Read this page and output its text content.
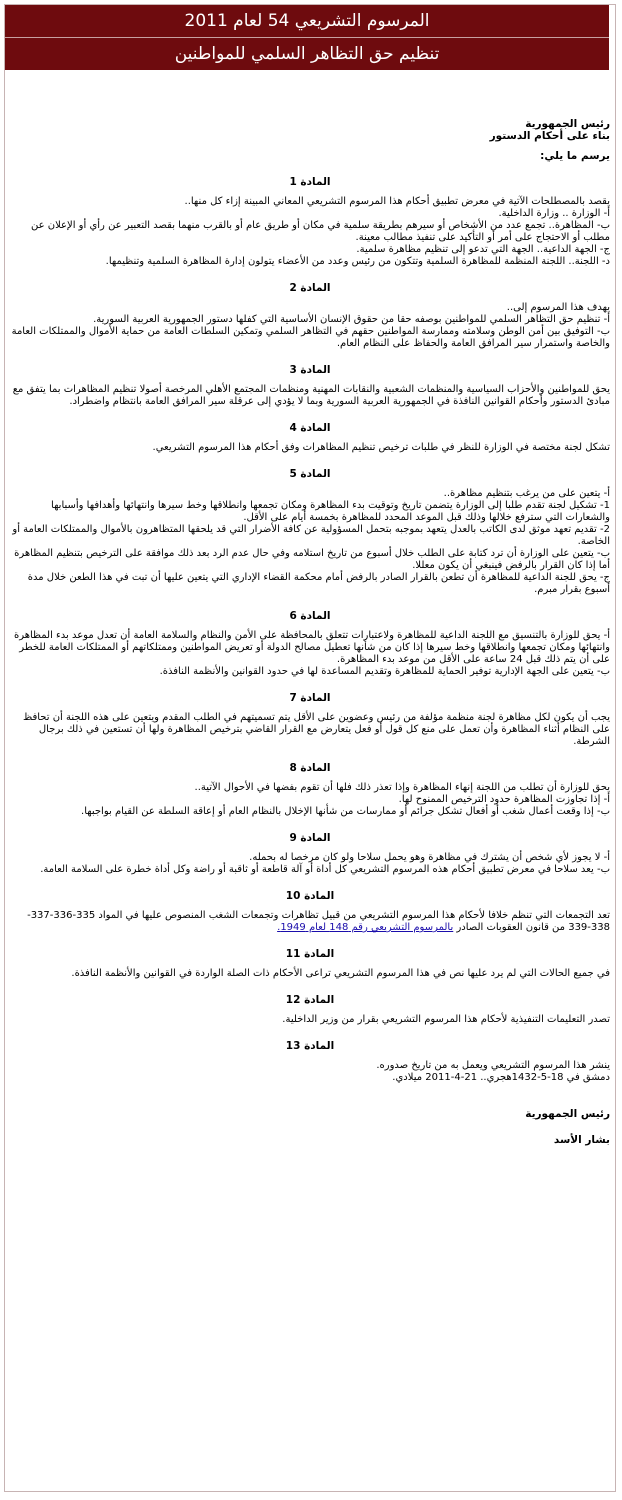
المرسوم التشريعي 54 لعام 2011
تنظيم حق التظاهر السلمي للمواطنين

رئيس الجمهورية

بناء على أحكام الدستور

يرسم ما يلي:

المادة 1

يقصد بالمصطلحات الآتية في معرض تطبيق أحكام هذا المرسوم التشريعي المعاني المبينة إزاء كل منها..

أ- الوزارة .. وزارة الداخلية.

ب- المظاهرة.. تجمع عدد من الأشخاص أو سيرهم بطريقة سلمية في مكان أو طريق عام أو بالقرب منهما بقصد التعبير عن رأي أو الإعلان عن مطلب أو الاحتجاج على أمر أو التأكيد على تنفيذ مطالب معينة.

ج- الجهة الداعية.. الجهة التي تدعو إلى تنظيم مظاهرة سلمية.

د- اللجنة.. اللجنة المنظمة للمظاهرة السلمية وتتكون من رئيس وعدد من الأعضاء يتولون إدارة المظاهرة السلمية وتنظيمها.

المادة 2

يهدف هذا المرسوم إلى..

أ- تنظيم حق التظاهر السلمي للمواطنين بوصفه حقا من حقوق الإنسان الأساسية التي كفلها دستور الجمهورية العربية السورية.

ب- التوفيق بين أمن الوطن وسلامته وممارسة المواطنين حقهم في التظاهر السلمي وتمكين السلطات العامة من حماية الأموال والممتلكات العامة والخاصة واستمرار سير المرافق العامة والحفاظ على النظام العام.

المادة 3

يحق للمواطنين والأحزاب السياسية والمنظمات الشعبية والنقابات المهنية ومنظمات المجتمع الأهلي المرخصة أصولا تنظيم المظاهرات بما يتفق مع مبادئ الدستور وأحكام القوانين النافذة في الجمهورية العربية السورية وبما لا يؤدي إلى عرقلة سير المرافق العامة بانتظام واضطراد.

المادة 4

تشكل لجنة مختصة في الوزارة للنظر في طلبات ترخيص تنظيم المظاهرات وفق أحكام هذا المرسوم التشريعي.

المادة 5

أ- يتعين على من يرغب بتنظيم مظاهرة..

1- تشكيل لجنة تقدم طلبا إلى الوزارة يتضمن تاريخ وتوقيت بدء المظاهرة ومكان تجمعها وانطلاقها وخط سيرها وانتهائها وأهدافها وأسبابها والشعارات التي سترفع خلالها وذلك قبل الموعد المحدد للمظاهرة بخمسة أيام على الأقل.

2- تقديم تعهد موثق لدى الكاتب بالعدل يتعهد بموجبه بتحمل المسؤولية عن كافة الأضرار التي قد يلحقها المتظاهرون بالأموال والممتلكات العامة أو الخاصة.

ب- يتعين على الوزارة أن ترد كتابة على الطلب خلال أسبوع من تاريخ استلامه وفي حال عدم الرد بعد ذلك موافقة على الترخيص بتنظيم المظاهرة أما إذا كان القرار بالرفض فينبغي أن يكون معللا.

ج- يحق للجنة الداعية للمظاهرة أن تطعن بالقرار الصادر بالرفض أمام محكمة القضاء الإداري التي يتعين عليها أن تبت في هذا الطعن خلال مدة أسبوع بقرار مبرم.

المادة 6

أ- يحق للوزارة بالتنسيق مع اللجنة الداعية للمظاهرة ولاعتبارات تتعلق بالمحافظة على الأمن والنظام والسلامة العامة أن تعدل موعد بدء المظاهرة وانتهائها ومكان تجمعها وانطلاقها وخط سيرها إذا كان من شأنها تعطيل مصالح الدولة أو تعريض المواطنين وممتلكاتهم أو الممتلكات العامة للخطر على أن يتم ذلك قبل 24 ساعة على الأقل من موعد بدء المظاهرة.

ب- يتعين على الجهة الإدارية توفير الحماية للمظاهرة وتقديم المساعدة لها في حدود القوانين والأنظمة النافذة.

المادة 7

يجب أن يكون لكل مظاهرة لجنة منظمة مؤلفة من رئيس وعضوين على الأقل يتم تسميتهم في الطلب المقدم ويتعين على هذه اللجنة أن تحافظ على النظام أثناء المظاهرة وأن تعمل على منع كل قول أو فعل يتعارض مع القرار القاضي بترخيص المظاهرة ولها أن تستعين في ذلك برجال الشرطة.

المادة 8

يحق للوزارة أن تطلب من اللجنة إنهاء المظاهرة وإذا تعذر ذلك فلها أن تقوم بفضها في الأحوال الآتية..

أ- إذا تجاوزت المظاهرة حدود الترخيص الممنوح لها.

ب- إذا وقعت أعمال شغب أو أفعال تشكل جرائم أو ممارسات من شأنها الإخلال بالنظام العام أو إعاقة السلطة عن القيام بواجبها.

المادة 9

أ- لا يجوز لأي شخص أن يشترك في مظاهرة وهو يحمل سلاحا ولو كان مرخصا له بحمله.

ب- يعد سلاحا في معرض تطبيق أحكام هذه المرسوم التشريعي كل أداة أو آلة قاطعة أو ثاقبة أو راضة وكل أداة خطرة على السلامة العامة.

المادة 10

تعد التجمعات التي تنظم خلافا لأحكام هذا المرسوم التشريعي من قبيل تظاهرات وتجمعات الشغب المنصوص عليها في المواد 335-336-337-338-339 من قانون العقوبات الصادر بالمرسوم التشريعي رقم 148 لعام 1949.

المادة 11

في جميع الحالات التي لم يرد عليها نص في هذا المرسوم التشريعي تراعى الأحكام ذات الصلة الواردة في القوانين والأنظمة النافذة.

المادة 12

تصدر التعليمات التنفيذية لأحكام هذا المرسوم التشريعي بقرار من وزير الداخلية.

المادة 13

ينشر هذا المرسوم التشريعي ويعمل به من تاريخ صدوره.

دمشق في 18-5-1432هجري.. 21-4-2011 ميلادي.

رئيس الجمهورية

بشار الأسد
